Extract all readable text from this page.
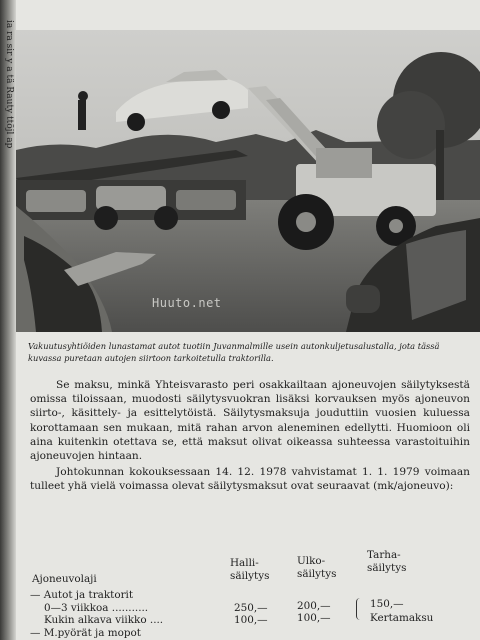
ia ra sir y a tä Rauty ttöjl ap
Huuto.net
Vakuutusyhtiöiden lunastamat autot tuotiin Juvanmalmille usein autonkuljetusalustalla, jota tässä kuvassa puretaan autojen siirtoon tarkoitetulla traktorilla.

Se maksu, minkä Yhteisvarasto peri osakkailtaan ajoneuvojen säilytyksestä omissa tiloissaan, muodosti säilytysvuokran lisäksi korvauksen myös ajoneuvon siirto-, käsittely- ja esittelytöistä. Säilytysmaksuja jouduttiin vuosien kuluessa korottamaan sen mukaan, mitä rahan arvon aleneminen edellytti. Huomioon oli aina kuitenkin otettava se, että maksut olivat oikeassa suhteessa varastoituihin ajoneuvojen hintaan.

Johtokunnan kokouksessaan 14. 12. 1978 vahvistamat 1. 1. 1979 voimaan tulleet yhä vielä voimassa olevat säilytysmaksut ovat seuraavat (mk/ajoneuvo):

Ajoneuvolaji
Halli-
säilytys
Ulko-
säilytys
Tarha-
säilytys
— Autot ja traktorit
0—3 viikkoa ...........	250,—	200,—	150,—
Kukin alkava viikko ....	100,—	100,—	Kertamaksu
— M.pyörät ja mopot
